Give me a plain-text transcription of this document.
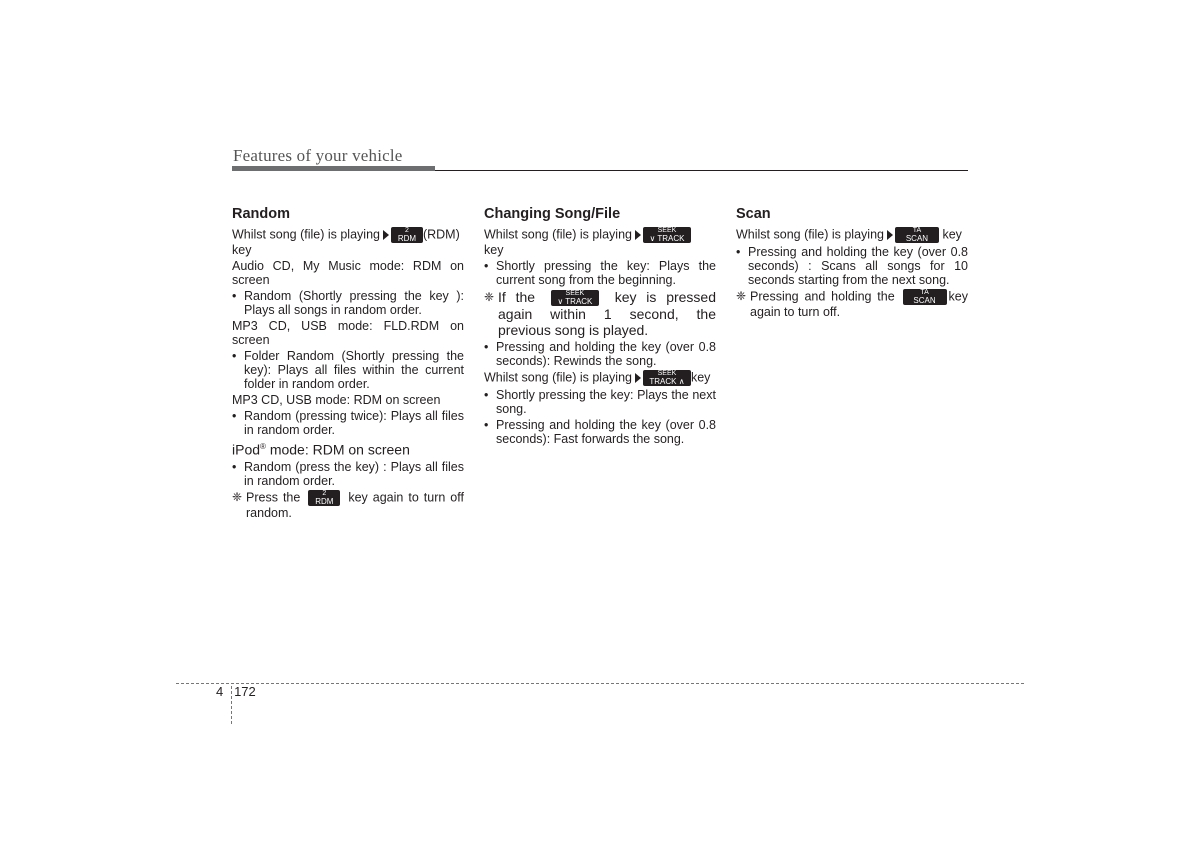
Features of your vehicle
Random

Whilst song (file) is playing	2
RDM (RDM)
key

Audio CD, My Music mode: RDM on screen

• Random (Shortly pressing the key ): Plays all songs in random order.

MP3 CD, USB mode: FLD.RDM on screen

• Folder Random (Shortly pressing the key): Plays all files within the current folder in random order.

MP3 CD, USB mode: RDM on screen

• Random (pressing twice): Plays all files in random order.

iPod® mode: RDM on screen

• Random (press the key) : Plays all files in random order.
❈ Press the	2
RDM	key again to turn off random.
Changing Song/File

Whilst song (file) is playing	SEEK
∨ TRACK

key

• Shortly pressing the key: Plays the current song from the beginning.
❈ If the	SEEK
∨ TRACK	key is pressed again within 1 second, the previous song is played.
• Pressing and holding the key (over 0.8 seconds): Rewinds the song.

Whilst song (file) is playing	SEEK
TRACK ∧ key

• Shortly pressing the key: Plays the next song.
• Pressing and holding the key (over 0.8 seconds): Fast forwards the song.
Scan

Whilst song (file) is playing	TA
SCAN	key

• Pressing and holding the key (over 0.8 seconds) : Scans all songs for 10 seconds starting from the next song.
❈ Pressing and holding the	TA
SCAN	key again to turn off.
4 172
